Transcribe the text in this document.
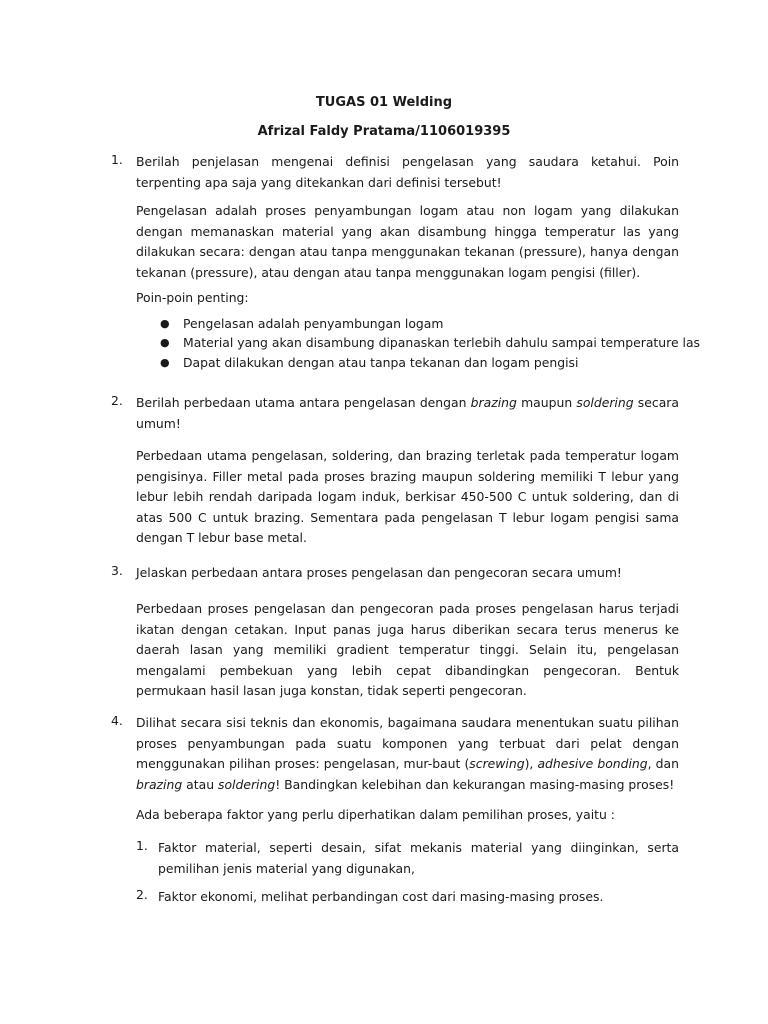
TUGAS 01 Welding
Afrizal Faldy Pratama/1106019395
1. Berilah penjelasan mengenai definisi pengelasan yang saudara ketahui. Poin terpenting apa saja yang ditekankan dari definisi tersebut!
Pengelasan adalah proses penyambungan logam atau non logam yang dilakukan dengan memanaskan material yang akan disambung hingga temperatur las yang dilakukan secara: dengan atau tanpa menggunakan tekanan (pressure), hanya dengan tekanan (pressure), atau dengan atau tanpa menggunakan logam pengisi (filler).
Poin-poin penting:
● Pengelasan adalah penyambungan logam
● Material yang akan disambung dipanaskan terlebih dahulu sampai temperature las
● Dapat dilakukan dengan atau tanpa tekanan dan logam pengisi
2. Berilah perbedaan utama antara pengelasan dengan brazing maupun soldering secara umum!
Perbedaan utama pengelasan, soldering, dan brazing terletak pada temperatur logam pengisinya. Filler metal pada proses brazing maupun soldering memiliki T lebur yang lebur lebih rendah daripada logam induk, berkisar 450-500 C untuk soldering, dan di atas 500 C untuk brazing. Sementara pada pengelasan T lebur logam pengisi sama dengan T lebur base metal.
3. Jelaskan perbedaan antara proses pengelasan dan pengecoran secara umum!
Perbedaan proses pengelasan dan pengecoran pada proses pengelasan harus terjadi ikatan dengan cetakan. Input panas juga harus diberikan secara terus menerus ke daerah lasan yang memiliki gradient temperatur tinggi. Selain itu, pengelasan mengalami pembekuan yang lebih cepat dibandingkan pengecoran. Bentuk permukaan hasil lasan juga konstan, tidak seperti pengecoran.
4. Dilihat secara sisi teknis dan ekonomis, bagaimana saudara menentukan suatu pilihan proses penyambungan pada suatu komponen yang terbuat dari pelat dengan menggunakan pilihan proses: pengelasan, mur-baut (screwing), adhesive bonding, dan brazing atau soldering! Bandingkan kelebihan dan kekurangan masing-masing proses!
Ada beberapa faktor yang perlu diperhatikan dalam pemilihan proses, yaitu :
1. Faktor material, seperti desain, sifat mekanis material yang diinginkan, serta pemilihan jenis material yang digunakan,
2. Faktor ekonomi, melihat perbandingan cost dari masing-masing proses.
